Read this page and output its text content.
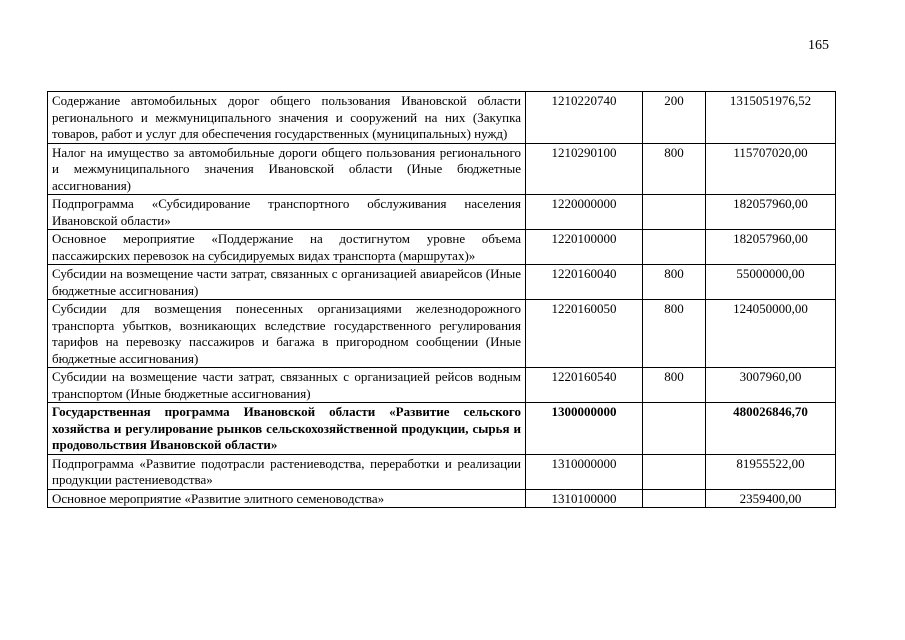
165
Содержание автомобильных дорог общего пользования Ивановской области регионального и межмуниципального значения и сооружений на них (Закупка товаров, работ и услуг для обеспечения государственных (муниципальных) нужд)	1210220740	200	1315051976,52
Налог на имущество за автомобильные дороги общего пользования регионального и межмуниципального значения Ивановской области (Иные бюджетные ассигнования)	1210290100	800	115707020,00
Подпрограмма «Субсидирование транспортного обслуживания населения Ивановской области»	1220000000		182057960,00
Основное мероприятие «Поддержание на достигнутом уровне объема пассажирских перевозок на субсидируемых видах транспорта (маршрутах)»	1220100000		182057960,00
Субсидии на возмещение части затрат, связанных с организацией авиарейсов (Иные бюджетные ассигнования)	1220160040	800	55000000,00
Субсидии для возмещения понесенных организациями железнодорожного транспорта убытков, возникающих вследствие государственного регулирования тарифов на перевозку пассажиров и багажа в пригородном сообщении (Иные бюджетные ассигнования)	1220160050	800	124050000,00
Субсидии на возмещение части затрат, связанных с организацией рейсов водным транспортом (Иные бюджетные ассигнования)	1220160540	800	3007960,00
Государственная программа Ивановской области «Развитие сельского хозяйства и регулирование рынков сельскохозяйственной продукции, сырья и продовольствия Ивановской области»	1300000000		480026846,70
Подпрограмма «Развитие подотрасли растениеводства, переработки и реализации продукции растениеводства»	1310000000		81955522,00
Основное мероприятие «Развитие элитного семеноводства»	1310100000		2359400,00
